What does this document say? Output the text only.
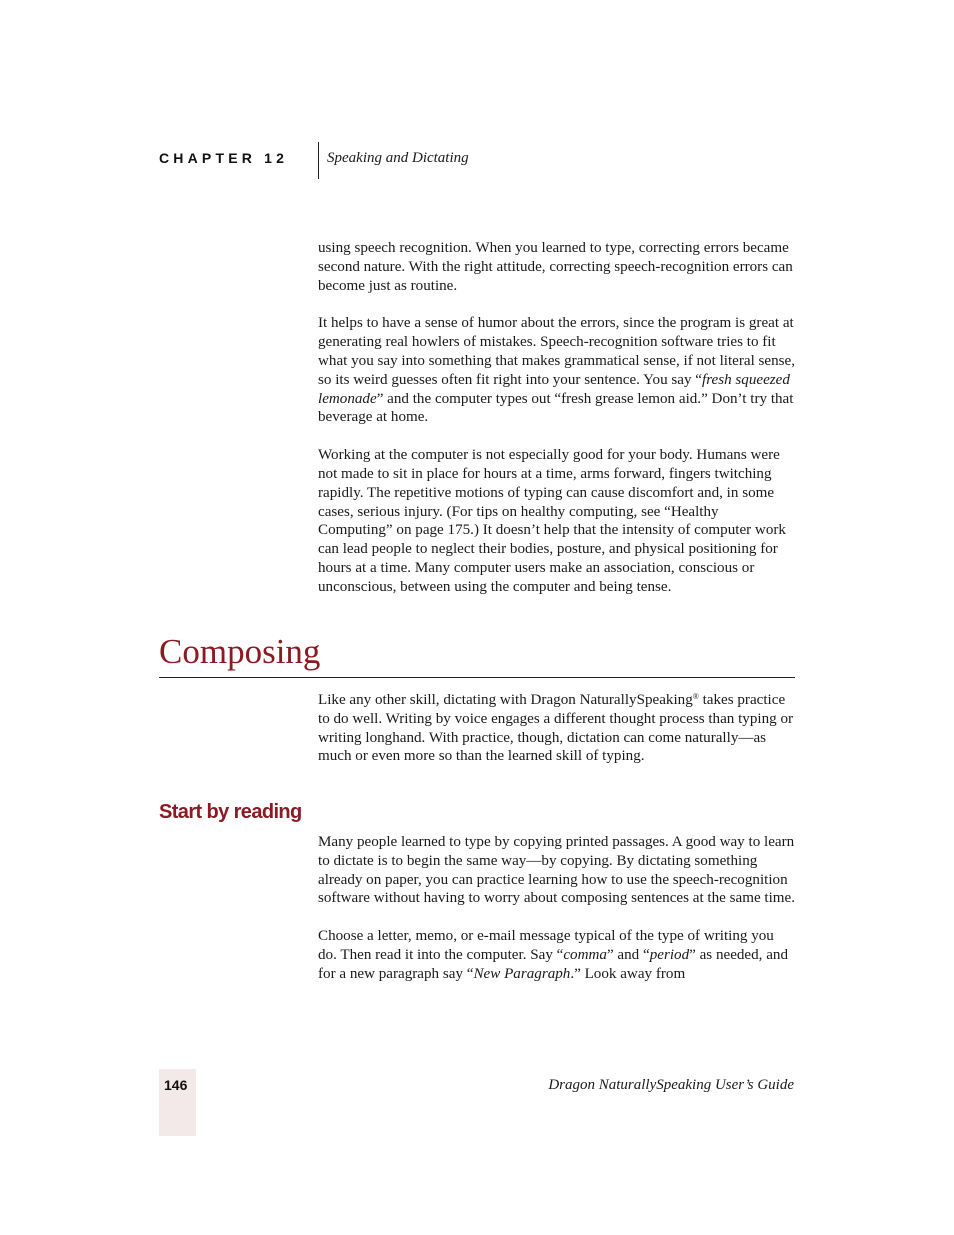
CHAPTER 12	Speaking and Dictating

using speech recognition. When you learned to type, correcting errors became second nature. With the right attitude, correcting speech-recognition errors can become just as routine.

It helps to have a sense of humor about the errors, since the program is great at generating real howlers of mistakes. Speech-recognition software tries to fit what you say into something that makes grammatical sense, if not literal sense, so its weird guesses often fit right into your sentence. You say “fresh squeezed lemonade” and the computer types out “fresh grease lemon aid.” Don’t try that beverage at home.

Working at the computer is not especially good for your body. Humans were not made to sit in place for hours at a time, arms forward, fingers twitching rapidly. The repetitive motions of typing can cause discomfort and, in some cases, serious injury. (For tips on healthy computing, see “Healthy Computing” on page 175.) It doesn’t help that the intensity of computer work can lead people to neglect their bodies, posture, and physical positioning for hours at a time. Many computer users make an association, conscious or unconscious, between using the computer and being tense.

Composing

Like any other skill, dictating with Dragon NaturallySpeaking® takes practice to do well. Writing by voice engages a different thought process than typing or writing longhand. With practice, though, dictation can come naturally—as much or even more so than the learned skill of typing.

Start by reading

Many people learned to type by copying printed passages. A good way to learn to dictate is to begin the same way—by copying. By dictating something already on paper, you can practice learning how to use the speech-recognition software without having to worry about composing sentences at the same time.

Choose a letter, memo, or e-mail message typical of the type of writing you do. Then read it into the computer. Say “comma” and “period” as needed, and for a new paragraph say “New Paragraph.” Look away from

146	Dragon NaturallySpeaking User’s Guide
